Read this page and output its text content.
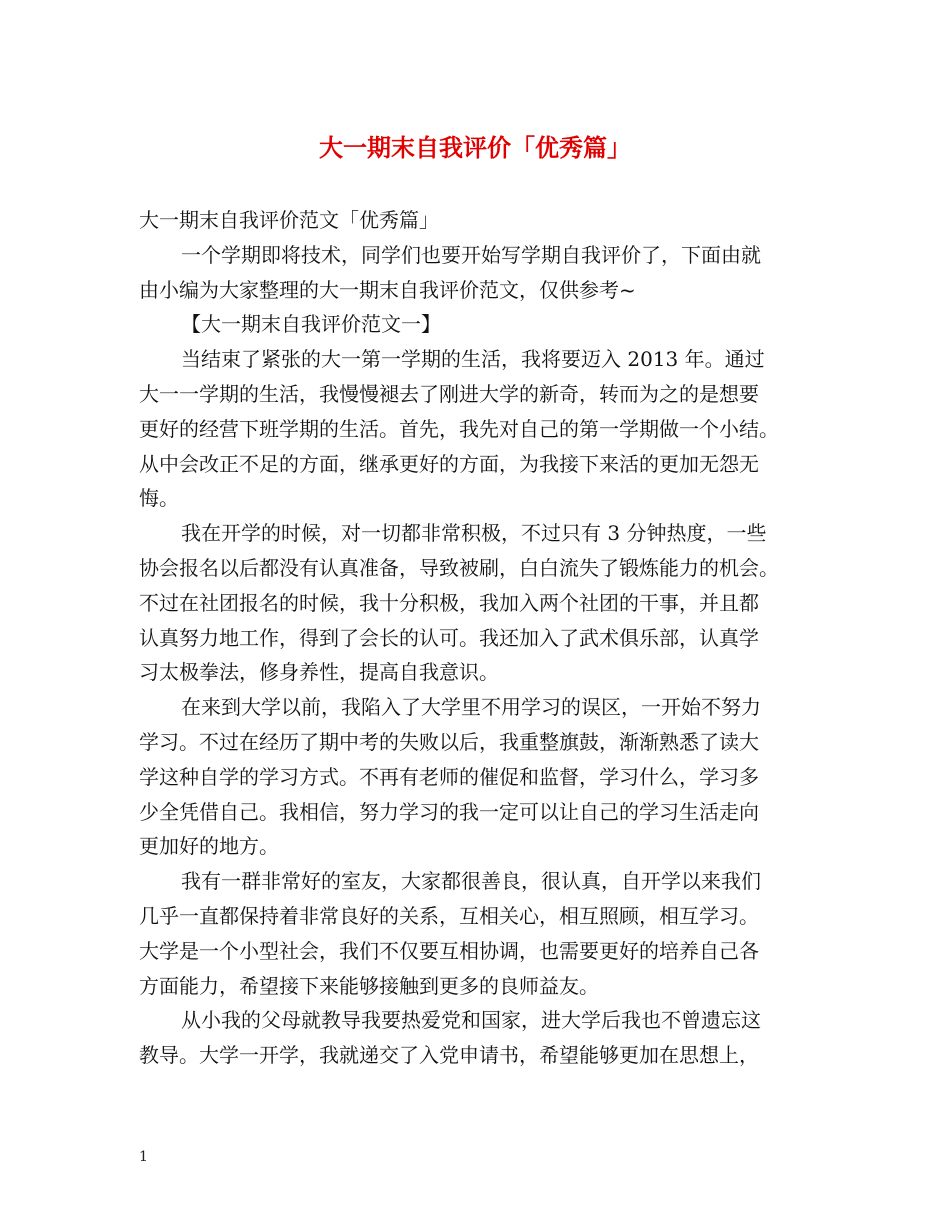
大一期末自我评价「优秀篇」
大一期末自我评价范文「优秀篇」
一个学期即将技术，同学们也要开始写学期自我评价了，下面由就
由小编为大家整理的大一期末自我评价范文，仅供参考~
【大一期末自我评价范文一】
当结束了紧张的大一第一学期的生活，我将要迈入 2013 年。通过
大一一学期的生活，我慢慢褪去了刚进大学的新奇，转而为之的是想要
更好的经营下班学期的生活。首先，我先对自己的第一学期做一个小结。
从中会改正不足的方面，继承更好的方面，为我接下来活的更加无怨无
悔。
我在开学的时候，对一切都非常积极，不过只有 3 分钟热度，一些
协会报名以后都没有认真准备，导致被刷，白白流失了锻炼能力的机会。
不过在社团报名的时候，我十分积极，我加入两个社团的干事，并且都
认真努力地工作，得到了会长的认可。我还加入了武术俱乐部，认真学
习太极拳法，修身养性，提高自我意识。
在来到大学以前，我陷入了大学里不用学习的误区，一开始不努力
学习。不过在经历了期中考的失败以后，我重整旗鼓，渐渐熟悉了读大
学这种自学的学习方式。不再有老师的催促和监督，学习什么，学习多
少全凭借自己。我相信，努力学习的我一定可以让自己的学习生活走向
更加好的地方。
我有一群非常好的室友，大家都很善良，很认真，自开学以来我们
几乎一直都保持着非常良好的关系，互相关心，相互照顾，相互学习。
大学是一个小型社会，我们不仅要互相协调，也需要更好的培养自己各
方面能力，希望接下来能够接触到更多的良师益友。
从小我的父母就教导我要热爱党和国家，进大学后我也不曾遗忘这
教导。大学一开学，我就递交了入党申请书，希望能够更加在思想上，
1
